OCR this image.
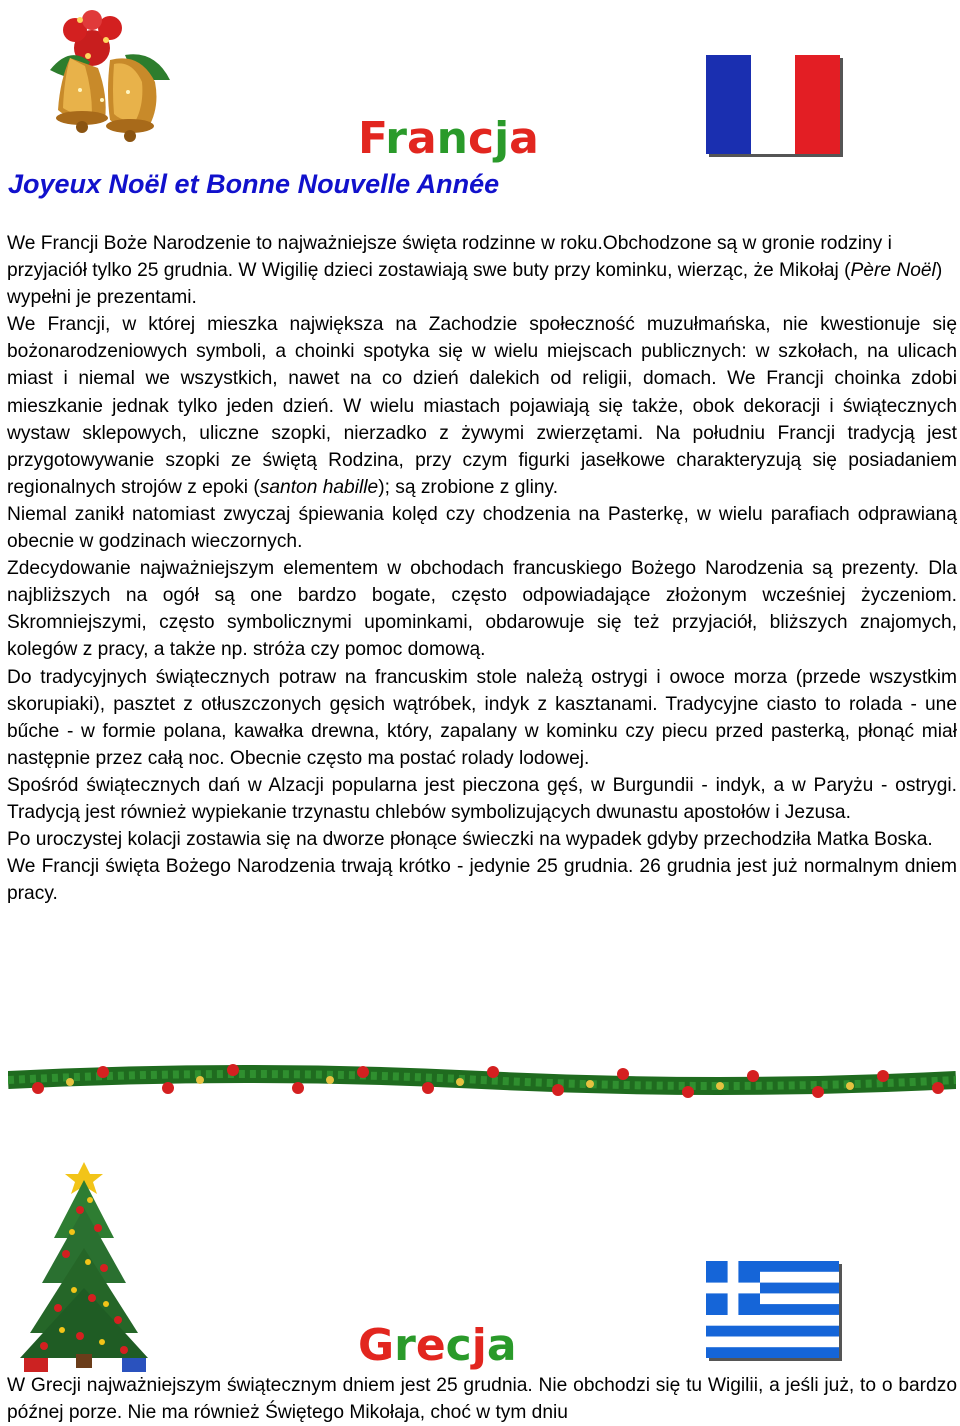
Francja
Joyeux Noël et Bonne Nouvelle Année

We Francji Boże Narodzenie to najważniejsze święta rodzinne w roku.Obchodzone są w gronie rodziny i przyjaciół tylko 25 grudnia. W Wigilię dzieci zostawiają swe buty przy kominku, wierząc, że Mikołaj (Père Noël) wypełni je prezentami.

We Francji, w której mieszka największa na Zachodzie społeczność muzułmańska, nie kwestionuje się bożonarodzeniowych symboli, a choinki spotyka się w wielu miejscach publicznych: w szkołach, na ulicach miast i niemal we wszystkich, nawet na co dzień dalekich od religii, domach. We Francji choinka zdobi mieszkanie jednak tylko jeden dzień. W wielu miastach pojawiają się także, obok dekoracji i świątecznych wystaw sklepowych, uliczne szopki, nierzadko z żywymi zwierzętami. Na południu Francji tradycją jest przygotowywanie szopki ze świętą Rodzina, przy czym figurki jasełkowe charakteryzują się posiadaniem regionalnych strojów z epoki (santon habille); są zrobione z gliny.

Niemal zanikł natomiast zwyczaj śpiewania kolęd czy chodzenia na Pasterkę, w wielu parafiach odprawianą obecnie w godzinach wieczornych.

Zdecydowanie najważniejszym elementem w obchodach francuskiego Bożego Narodzenia są prezenty. Dla najbliższych na ogół są one bardzo bogate, często odpowiadające złożonym wcześniej życzeniom. Skromniejszymi, często symbolicznymi upominkami, obdarowuje się też przyjaciół, bliższych znajomych, kolegów z pracy, a także np. stróża czy pomoc domową.

Do tradycyjnych świątecznych potraw na francuskim stole należą ostrygi i owoce morza (przede wszystkim skorupiaki), pasztet z otłuszczonych gęsich wątróbek, indyk z kasztanami. Tradycyjne ciasto to rolada - une bűche - w formie polana, kawałka drewna, który, zapalany w kominku czy piecu przed pasterką, płonąć miał następnie przez całą noc. Obecnie często ma postać rolady lodowej.

Spośród świątecznych dań w Alzacji popularna jest pieczona gęś, w Burgundii - indyk, a w Paryżu - ostrygi. Tradycją jest również wypiekanie trzynastu chlebów symbolizujących dwunastu apostołów i Jezusa.

Po uroczystej kolacji zostawia się na dworze płonące świeczki na wypadek gdyby przechodziła Matka Boska.

We Francji święta Bożego Narodzenia trwają krótko - jedynie 25 grudnia. 26 grudnia jest już normalnym dniem pracy.

Grecja

W Grecji najważniejszym świątecznym dniem jest 25 grudnia. Nie obchodzi się tu Wigilii, a jeśli już, to o bardzo późnej porze. Nie ma również Świętego Mikołaja, choć w tym dniu
